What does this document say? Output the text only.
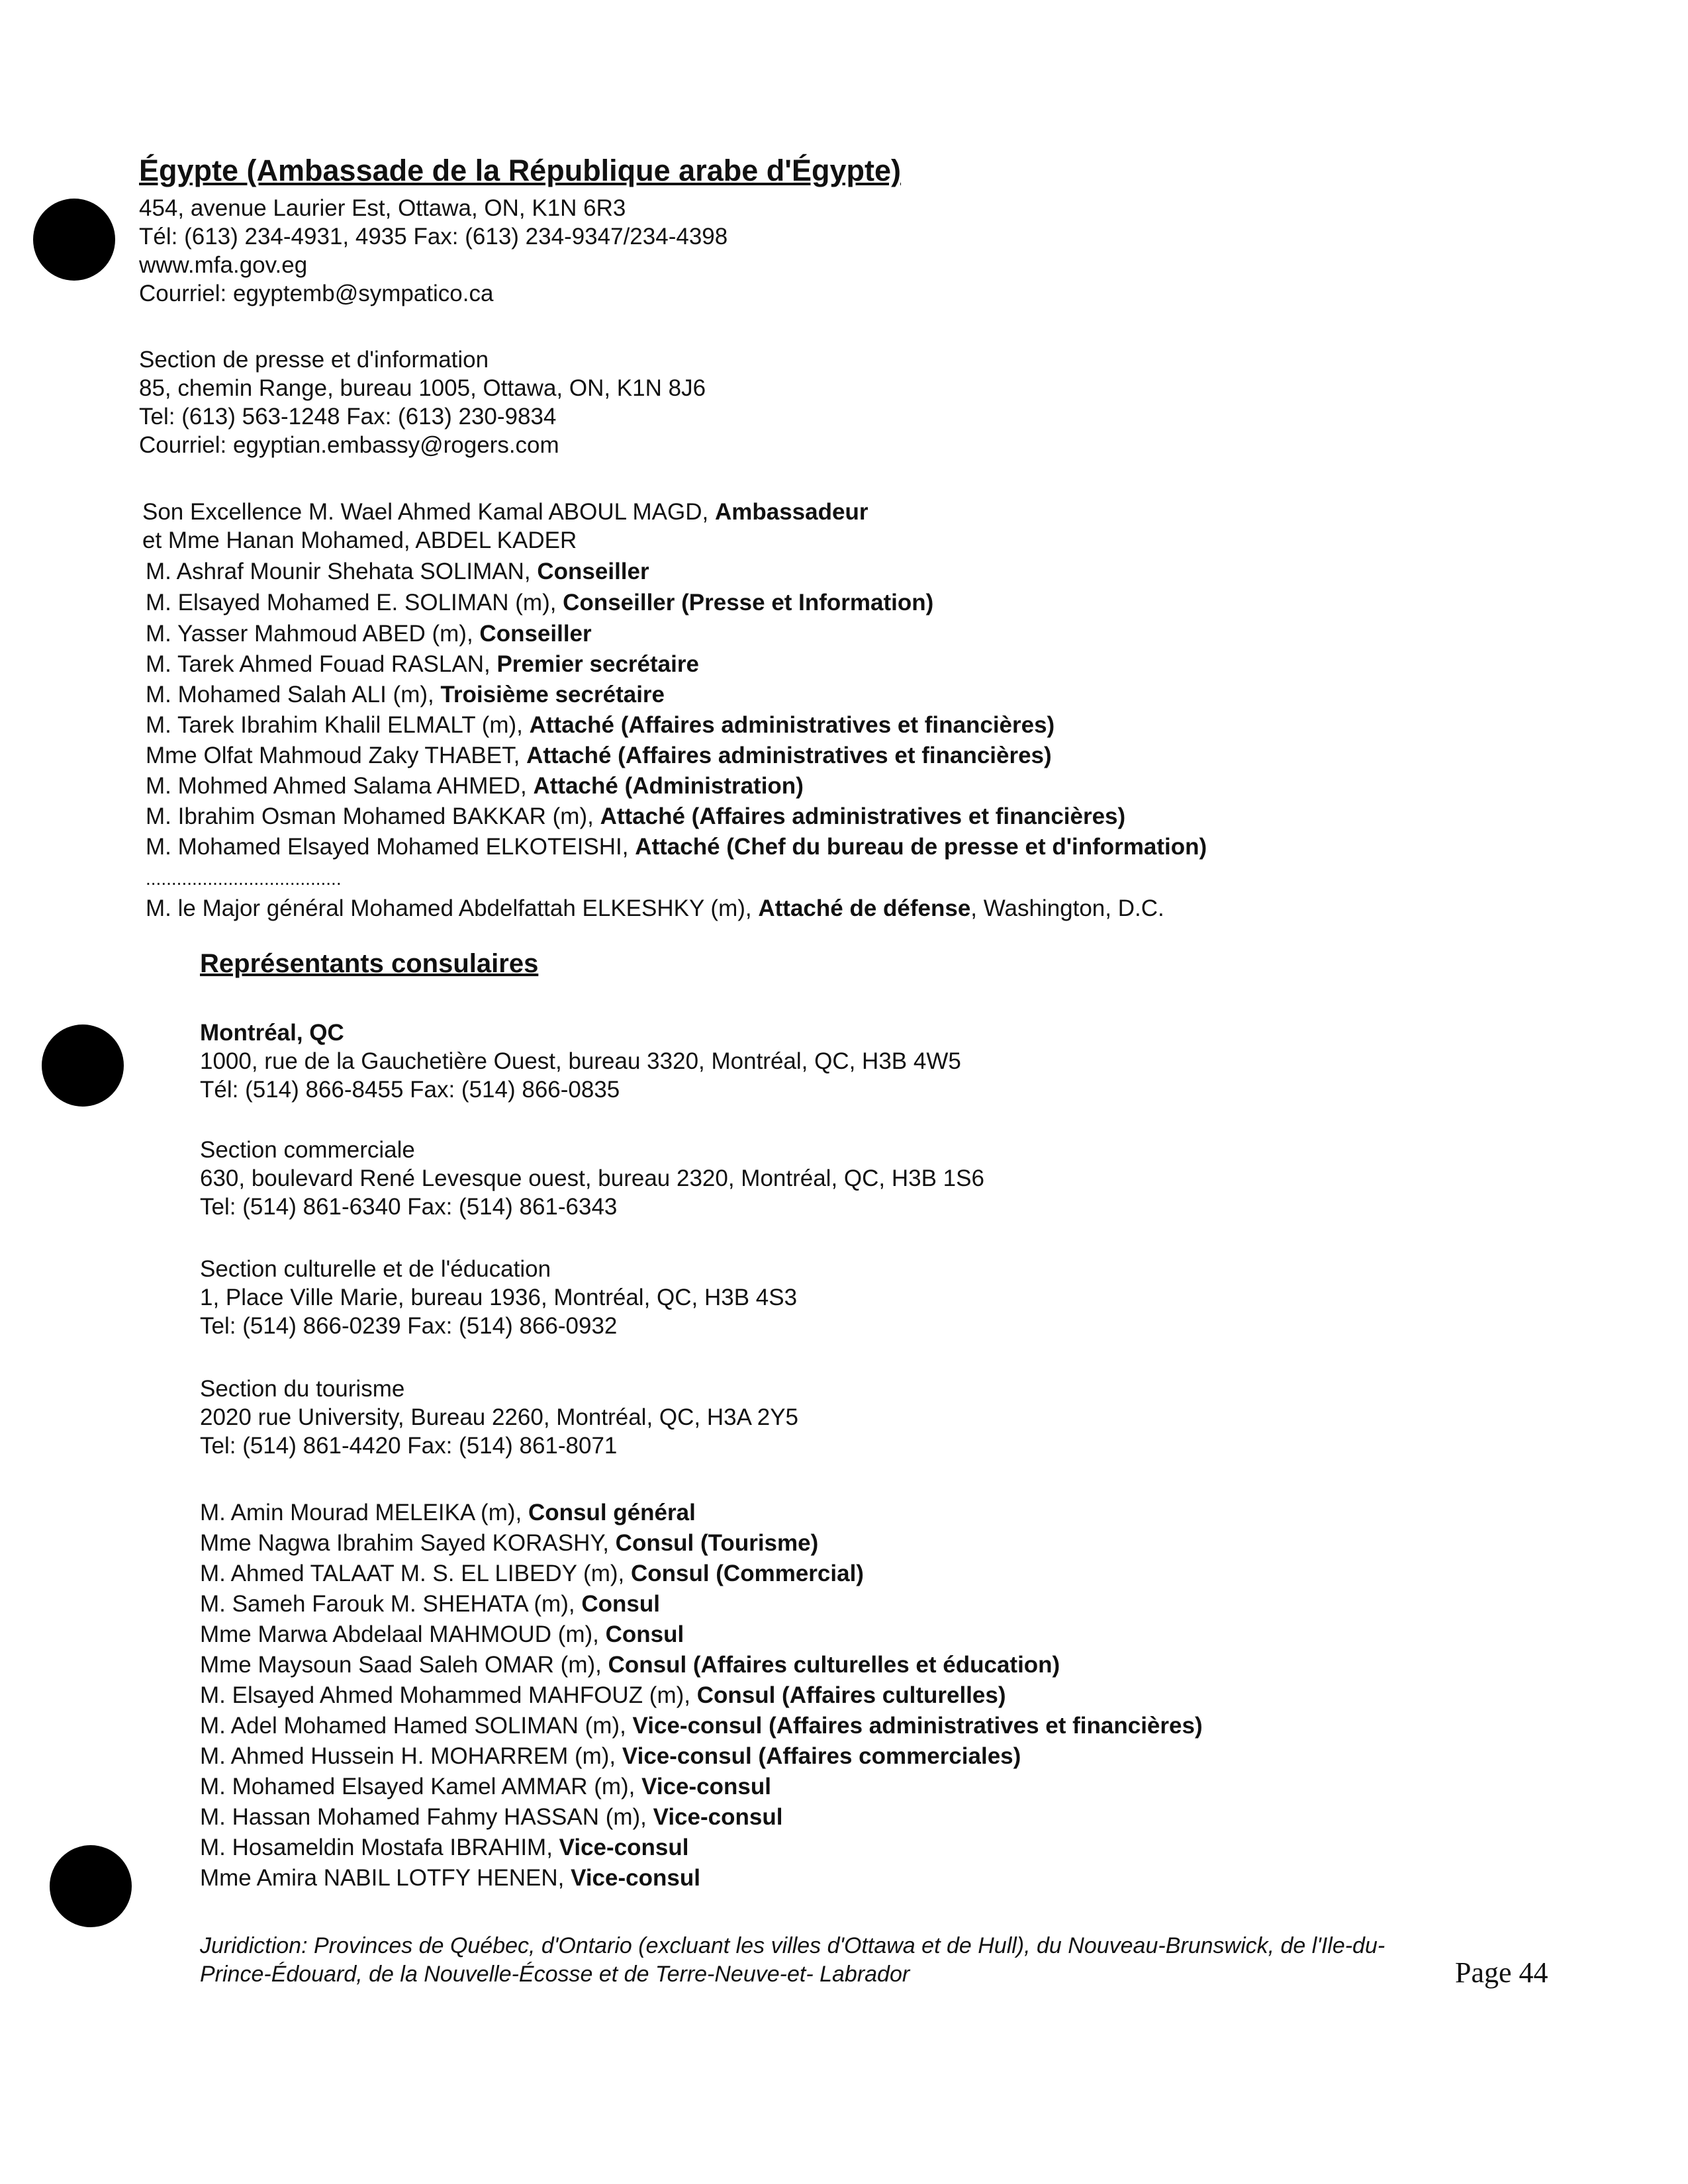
Égypte (Ambassade de la République arabe d'Égypte)
454, avenue Laurier Est, Ottawa, ON, K1N 6R3
Tél: (613) 234-4931, 4935 Fax: (613) 234-9347/234-4398
www.mfa.gov.eg
Courriel: egyptemb@sympatico.ca
Section de presse et d'information
85, chemin Range, bureau 1005, Ottawa, ON, K1N 8J6
Tel: (613) 563-1248 Fax: (613) 230-9834
Courriel: egyptian.embassy@rogers.com
Son Excellence M. Wael Ahmed Kamal ABOUL MAGD, Ambassadeur
et Mme Hanan Mohamed, ABDEL KADER
M. Ashraf Mounir Shehata SOLIMAN, Conseiller
M. Elsayed Mohamed E. SOLIMAN (m), Conseiller (Presse et Information)
M. Yasser Mahmoud ABED (m), Conseiller
M. Tarek Ahmed Fouad RASLAN, Premier secrétaire
M. Mohamed Salah ALI (m), Troisième secrétaire
M. Tarek Ibrahim Khalil ELMALT (m), Attaché (Affaires administratives et financières)
Mme Olfat Mahmoud Zaky THABET, Attaché (Affaires administratives et financières)
M. Mohmed Ahmed Salama AHMED, Attaché (Administration)
M. Ibrahim Osman Mohamed BAKKAR (m), Attaché (Affaires administratives et financières)
M. Mohamed Elsayed Mohamed ELKOTEISHI, Attaché (Chef du bureau de presse et d'information)
......................................
M. le Major général Mohamed Abdelfattah ELKESHKY (m), Attaché de défense, Washington, D.C.
Représentants consulaires
Montréal, QC
1000, rue de la Gauchetière Ouest, bureau 3320, Montréal, QC, H3B 4W5
Tél: (514) 866-8455 Fax: (514) 866-0835
Section commerciale
630, boulevard René Levesque ouest, bureau 2320, Montréal, QC, H3B 1S6
Tel: (514) 861-6340 Fax: (514) 861-6343
Section culturelle et de l'éducation
1, Place Ville Marie, bureau 1936, Montréal, QC, H3B 4S3
Tel: (514) 866-0239 Fax: (514) 866-0932
Section du tourisme
2020 rue University, Bureau 2260, Montréal, QC, H3A 2Y5
Tel: (514) 861-4420 Fax: (514) 861-8071
M. Amin Mourad MELEIKA (m), Consul général
Mme Nagwa Ibrahim Sayed KORASHY, Consul (Tourisme)
M. Ahmed TALAAT M. S. EL LIBEDY (m), Consul (Commercial)
M. Sameh Farouk M. SHEHATA (m), Consul
Mme Marwa Abdelaal MAHMOUD (m), Consul
Mme Maysoun Saad Saleh OMAR (m), Consul (Affaires culturelles et éducation)
M. Elsayed Ahmed Mohammed MAHFOUZ (m), Consul (Affaires culturelles)
M. Adel Mohamed Hamed SOLIMAN (m), Vice-consul (Affaires administratives et financières)
M. Ahmed Hussein H. MOHARREM (m), Vice-consul (Affaires commerciales)
M. Mohamed Elsayed Kamel AMMAR (m), Vice-consul
M. Hassan Mohamed Fahmy HASSAN (m), Vice-consul
M. Hosameldin Mostafa IBRAHIM, Vice-consul
Mme Amira NABIL LOTFY HENEN, Vice-consul
Juridiction: Provinces de Québec, d'Ontario (excluant les villes d'Ottawa et de Hull), du Nouveau-Brunswick, de l'Ile-du-
Prince-Édouard, de la Nouvelle-Écosse et de Terre-Neuve-et- Labrador	Page 44
